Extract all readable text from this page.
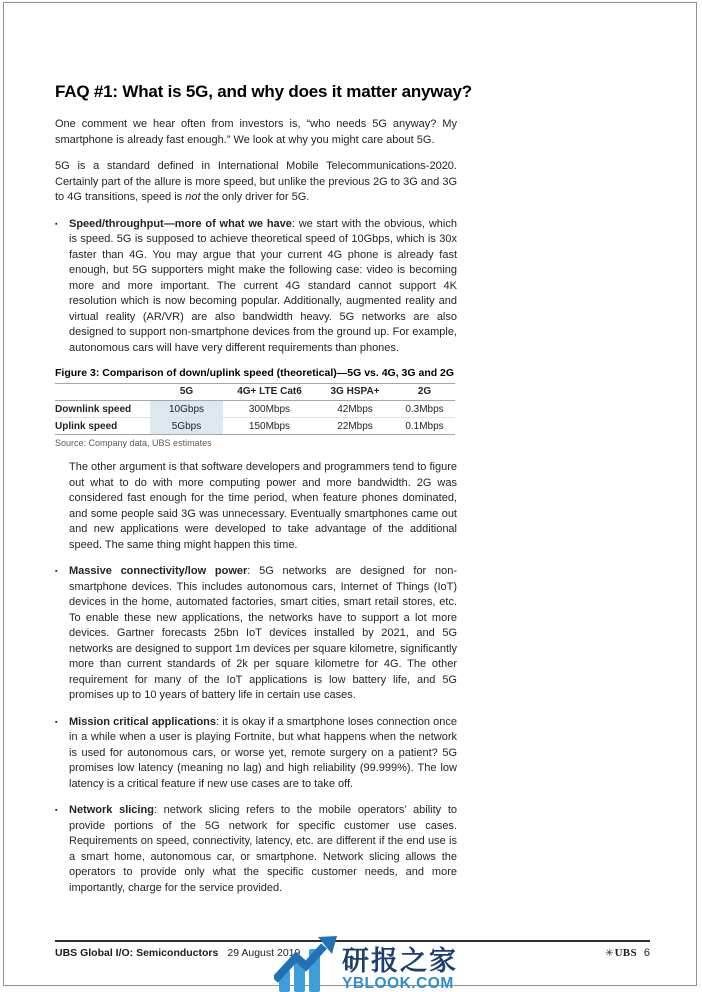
FAQ #1: What is 5G, and why does it matter anyway?

One comment we hear often from investors is, “who needs 5G anyway? My smartphone is already fast enough.” We look at why you might care about 5G.

5G is a standard defined in International Mobile Telecommunications-2020. Certainly part of the allure is more speed, but unlike the previous 2G to 3G and 3G to 4G transitions, speed is not the only driver for 5G.

▪
Speed/throughput—more of what we have: we start with the obvious, which is speed. 5G is supposed to achieve theoretical speed of 10Gbps, which is 30x faster than 4G. You may argue that your current 4G phone is already fast enough, but 5G supporters might make the following case: video is becoming more and more important. The current 4G standard cannot support 4K resolution which is now becoming popular. Additionally, augmented reality and virtual reality (AR/VR) are also bandwidth heavy. 5G networks are also designed to support non-smartphone devices from the ground up. For example, autonomous cars will have very different requirements than phones.
Figure 3: Comparison of down/uplink speed (theoretical)—5G vs. 4G, 3G and 2G
	5G	4G+ LTE Cat6	3G HSPA+	2G
Downlink speed	10Gbps	300Mbps	42Mbps	0.3Mbps
Uplink speed	5Gbps	150Mbps	22Mbps	0.1Mbps
Source: Company data, UBS estimates

The other argument is that software developers and programmers tend to figure out what to do with more computing power and more bandwidth. 2G was considered fast enough for the time period, when feature phones dominated, and some people said 3G was unnecessary. Eventually smartphones came out and new applications were developed to take advantage of the additional speed. The same thing might happen this time.

▪
Massive connectivity/low power: 5G networks are designed for non-smartphone devices. This includes autonomous cars, Internet of Things (IoT) devices in the home, automated factories, smart cities, smart retail stores, etc. To enable these new applications, the networks have to support a lot more devices. Gartner forecasts 25bn IoT devices installed by 2021, and 5G networks are designed to support 1m devices per square kilometre, significantly more than current standards of 2k per square kilometre for 4G. The other requirement for many of the IoT applications is low battery life, and 5G promises up to 10 years of battery life in certain use cases.
▪
Mission critical applications: it is okay if a smartphone loses connection once in a while when a user is playing Fortnite, but what happens when the network is used for autonomous cars, or worse yet, remote surgery on a patient? 5G promises low latency (meaning no lag) and high reliability (99.999%). The low latency is a critical feature if new use cases are to take off.
▪
Network slicing: network slicing refers to the mobile operators’ ability to provide portions of the 5G network for specific customer use cases. Requirements on speed, connectivity, latency, etc. are different if the end use is a smart home, autonomous car, or smartphone. Network slicing allows the operators to provide only what the specific customer needs, and more importantly, charge for the service provided.
UBS Global I/O: Semiconductors 29 August 2019	✳UBS 6
研报之家
YBLOOK.COM
